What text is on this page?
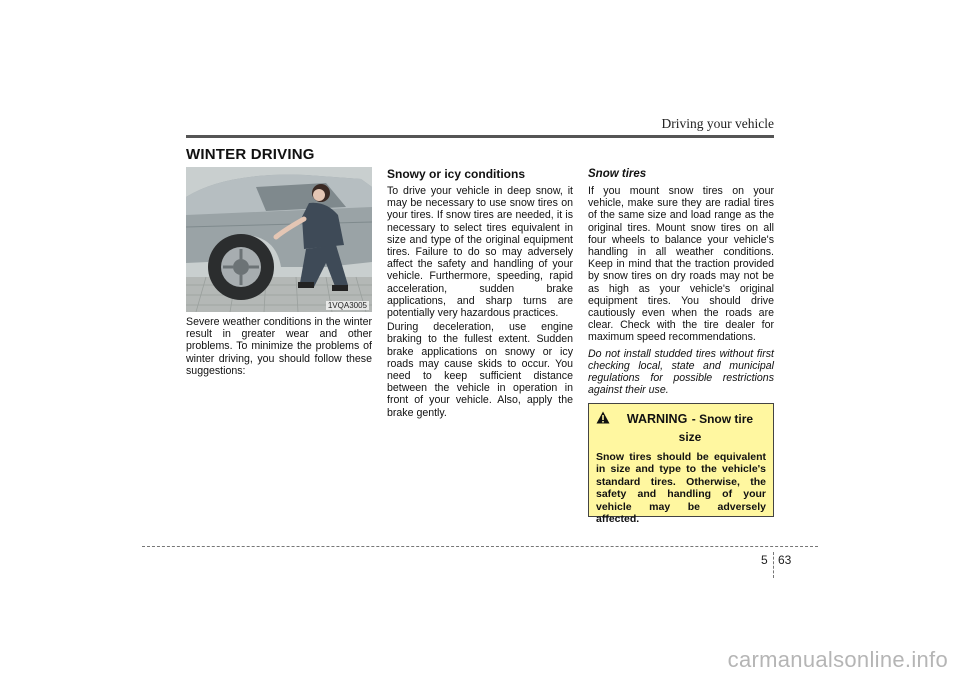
Driving your vehicle
WINTER DRIVING
1VQA3005

Severe weather conditions in the winter result in greater wear and other problems. To minimize the problems of winter driving, you should follow these suggestions:

Snowy or icy conditions

To drive your vehicle in deep snow, it may be necessary to use snow tires on your tires. If snow tires are needed, it is necessary to select tires equivalent in size and type of the original equipment tires. Failure to do so may adversely affect the safety and handling of your vehicle. Furthermore, speeding, rapid acceleration, sudden brake applications, and sharp turns are potentially very hazardous practices.

During deceleration, use engine braking to the fullest extent. Sudden brake applications on snowy or icy roads may cause skids to occur. You need to keep sufficient distance between the vehicle in operation in front of your vehicle. Also, apply the brake gently.

Snow tires

If you mount snow tires on your vehicle, make sure they are radial tires of the same size and load range as the original tires. Mount snow tires on all four wheels to balance your vehicle's handling in all weather conditions. Keep in mind that the traction provided by snow tires on dry roads may not be as high as your vehicle's original equipment tires. You should drive cautiously even when the roads are clear. Check with the tire dealer for maximum speed recommendations.

Do not install studded tires without first checking local, state and municipal regulations for possible restrictions against their use.

WARNING - Snow tire size

Snow tires should be equivalent in size and type to the vehicle's standard tires. Otherwise, the safety and handling of your vehicle may be adversely affected.

5 63
carmanualsonline.info
